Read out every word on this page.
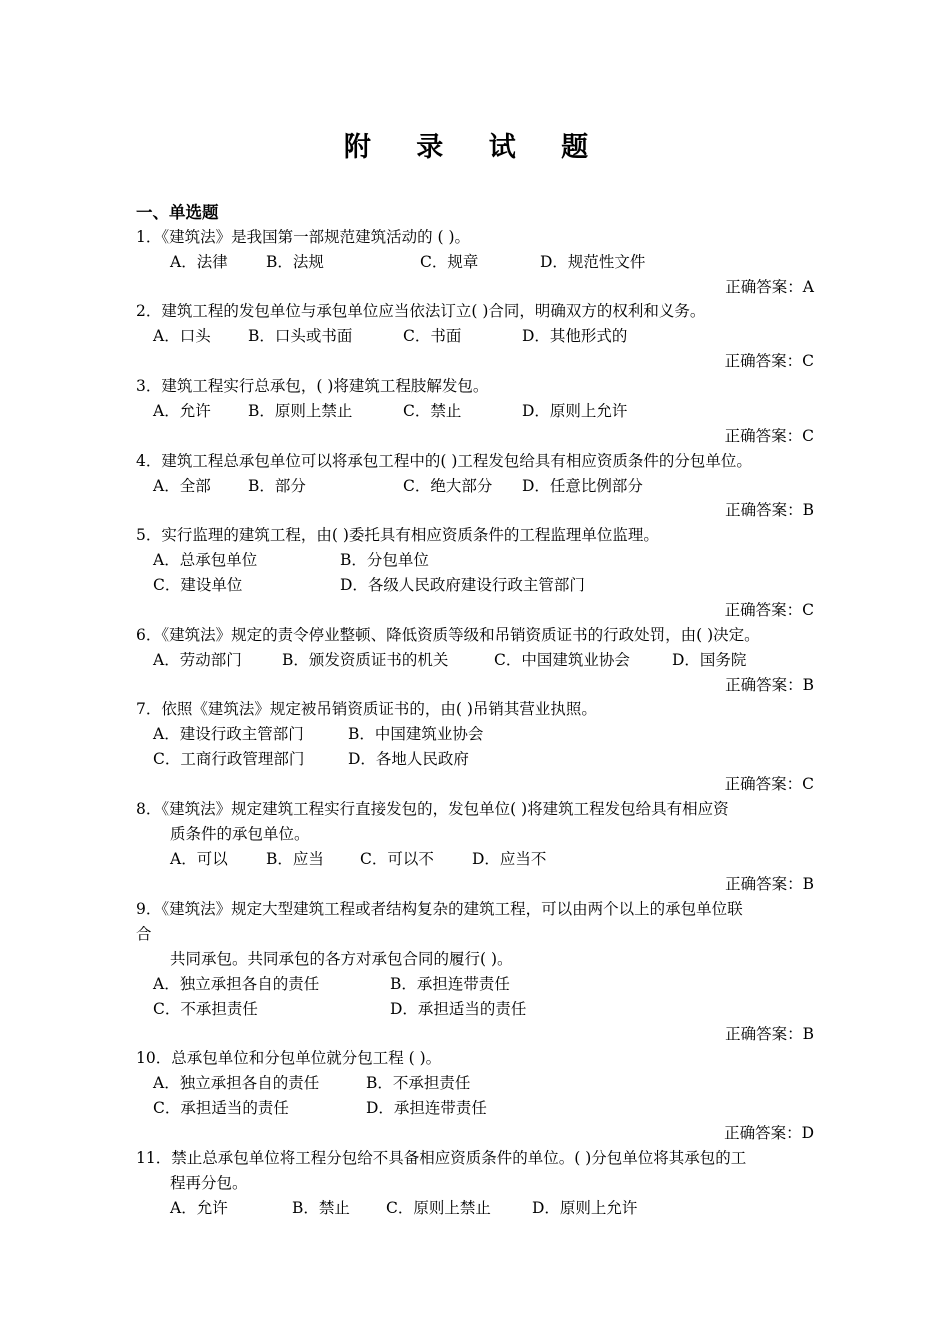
附 录 试 题
一、单选题
1．《建筑法》是我国第一部规范建筑活动的 ( )。
A．法律 B．法规	C．规章	D．规范性文件
正确答案：A
2．建筑工程的发包单位与承包单位应当依法订立( )合同，明确双方的权利和义务。
A．口头 B．口头或书面	C．书面	D．其他形式的
正确答案：C
3．建筑工程实行总承包，( )将建筑工程肢解发包。
A．允许 B．原则上禁止	C．禁止	D．原则上允许
正确答案：C
4．建筑工程总承包单位可以将承包工程中的( )工程发包给具有相应资质条件的分包单位。
A．全部 B．部分	C．绝大部分 D．任意比例部分
正确答案：B
5．实行监理的建筑工程，由( )委托具有相应资质条件的工程监理单位监理。
A．总承包单位	B．分包单位
C．建设单位	D．各级人民政府建设行政主管部门
正确答案：C
6．《建筑法》规定的责令停业整顿、降低资质等级和吊销资质证书的行政处罚，由( )决定。
A．劳动部门	B．颁发资质证书的机关	C．中国建筑业协会	D．国务院
正确答案：B
7．依照《建筑法》规定被吊销资质证书的，由( )吊销其营业执照。
A．建设行政主管部门	B．中国建筑业协会
C．工商行政管理部门	D．各地人民政府
正确答案：C
8．《建筑法》规定建筑工程实行直接发包的，发包单位( )将建筑工程发包给具有相应资
质条件的承包单位。
A．可以 B．应当 C．可以不 D．应当不
正确答案：B
9．《建筑法》规定大型建筑工程或者结构复杂的建筑工程，可以由两个以上的承包单位联
合
共同承包。共同承包的各方对承包合同的履行( )。
A．独立承担各自的责任	B．承担连带责任
C．不承担责任	D．承担适当的责任
正确答案：B
10．总承包单位和分包单位就分包工程 ( )。
A．独立承担各自的责任	B．不承担责任
C．承担适当的责任	D．承担连带责任
正确答案：D
11．禁止总承包单位将工程分包给不具备相应资质条件的单位。( )分包单位将其承包的工
程再分包。
A．允许	B．禁止 C．原则上禁止	D．原则上允许
